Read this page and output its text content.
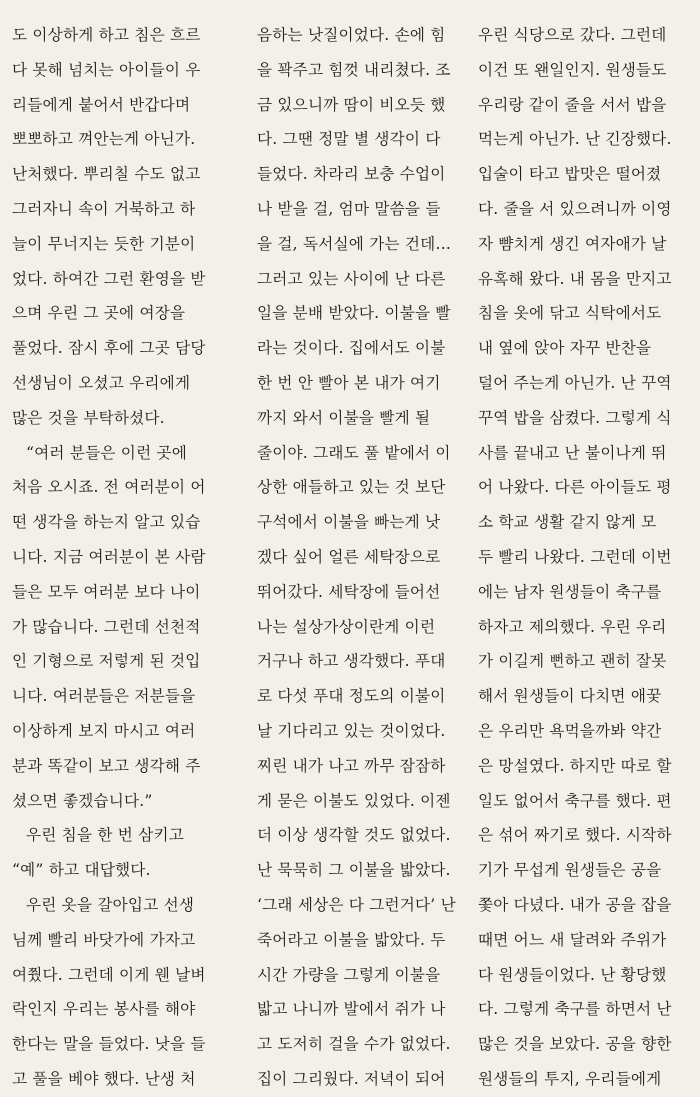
도 이상하게 하고 침은 흐르
다 못해 넘치는 아이들이 우
리들에게 붙어서 반갑다며
뽀뽀하고 껴안는게 아닌가.
난처했다. 뿌리칠 수도 없고
그러자니 속이 거북하고 하
늘이 무너지는 듯한 기분이
었다. 하여간 그런 환영을 받
으며 우린 그 곳에 여장을
풀었다. 잠시 후에 그곳 담당
선생님이 오셨고 우리에게
많은 것을 부탁하셨다.
“여러 분들은 이런 곳에
처음 오시죠. 전 여러분이 어
떤 생각을 하는지 알고 있습
니다. 지금 여러분이 본 사람
들은 모두 여러분 보다 나이
가 많습니다. 그런데 선천적
인 기형으로 저렇게 된 것입
니다. 여러분들은 저분들을
이상하게 보지 마시고 여러
분과 똑같이 보고 생각해 주
셨으면 좋겠습니다.”
우린 침을 한 번 삼키고
“예” 하고 대답했다.
우린 옷을 갈아입고 선생
님께 빨리 바닷가에 가자고
여쭸다. 그런데 이게 웬 날벼
락인지 우리는 봉사를 해야
한다는 말을 들었다. 낫을 들
고 풀을 베야 했다. 난생 처
음하는 낫질이었다. 손에 힘
을 꽉주고 힘껏 내리쳤다. 조
금 있으니까 땀이 비오듯 했
다. 그땐 정말 별 생각이 다
들었다. 차라리 보충 수업이
나 받을 걸, 엄마 말씀을 들
을 걸, 독서실에 가는 건데…
그러고 있는 사이에 난 다른
일을 분배 받았다. 이불을 빨
라는 것이다. 집에서도 이불
한 번 안 빨아 본 내가 여기
까지 와서 이불을 빨게 될
줄이야. 그래도 풀 밭에서 이
상한 애들하고 있는 것 보단
구석에서 이불을 빠는게 낫
겠다 싶어 얼른 세탁장으로
뛰어갔다. 세탁장에 들어선
나는 설상가상이란게 이런
거구나 하고 생각했다. 푸대
로 다섯 푸대 정도의 이불이
날 기다리고 있는 것이었다.
찌린 내가 나고 까무 잠잠하
게 묻은 이불도 있었다. 이젠
더 이상 생각할 것도 없었다.
난 묵묵히 그 이불을 밟았다.
‘그래 세상은 다 그런거다’ 난
죽어라고 이불을 밟았다. 두
시간 가량을 그렇게 이불을
밟고 나니까 발에서 쥐가 나
고 도저히 걸을 수가 없었다.
집이 그리웠다. 저녁이 되어
우린 식당으로 갔다. 그런데
이건 또 왠일인지. 원생들도
우리랑 같이 줄을 서서 밥을
먹는게 아닌가. 난 긴장했다.
입술이 타고 밥맛은 떨어졌
다. 줄을 서 있으려니까 이영
자 뺨치게 생긴 여자애가 날
유혹해 왔다. 내 몸을 만지고
침을 옷에 닦고 식탁에서도
내 옆에 앉아 자꾸 반찬을
덜어 주는게 아닌가. 난 꾸역
꾸역 밥을 삼켰다. 그렇게 식
사를 끝내고 난 불이나게 뛰
어 나왔다. 다른 아이들도 평
소 학교 생활 같지 않게 모
두 빨리 나왔다. 그런데 이번
에는 남자 원생들이 축구를
하자고 제의했다. 우린 우리
가 이길게 뻔하고 괜히 잘못
해서 원생들이 다치면 애꿎
은 우리만 욕먹을까봐 약간
은 망설였다. 하지만 따로 할
일도 없어서 축구를 했다. 편
은 섞어 짜기로 했다. 시작하
기가 무섭게 원생들은 공을
쫓아 다녔다. 내가 공을 잡을
때면 어느 새 달려와 주위가
다 원생들이었다. 난 황당했
다. 그렇게 축구를 하면서 난
많은 것을 보았다. 공을 향한
원생들의 투지, 우리들에게
